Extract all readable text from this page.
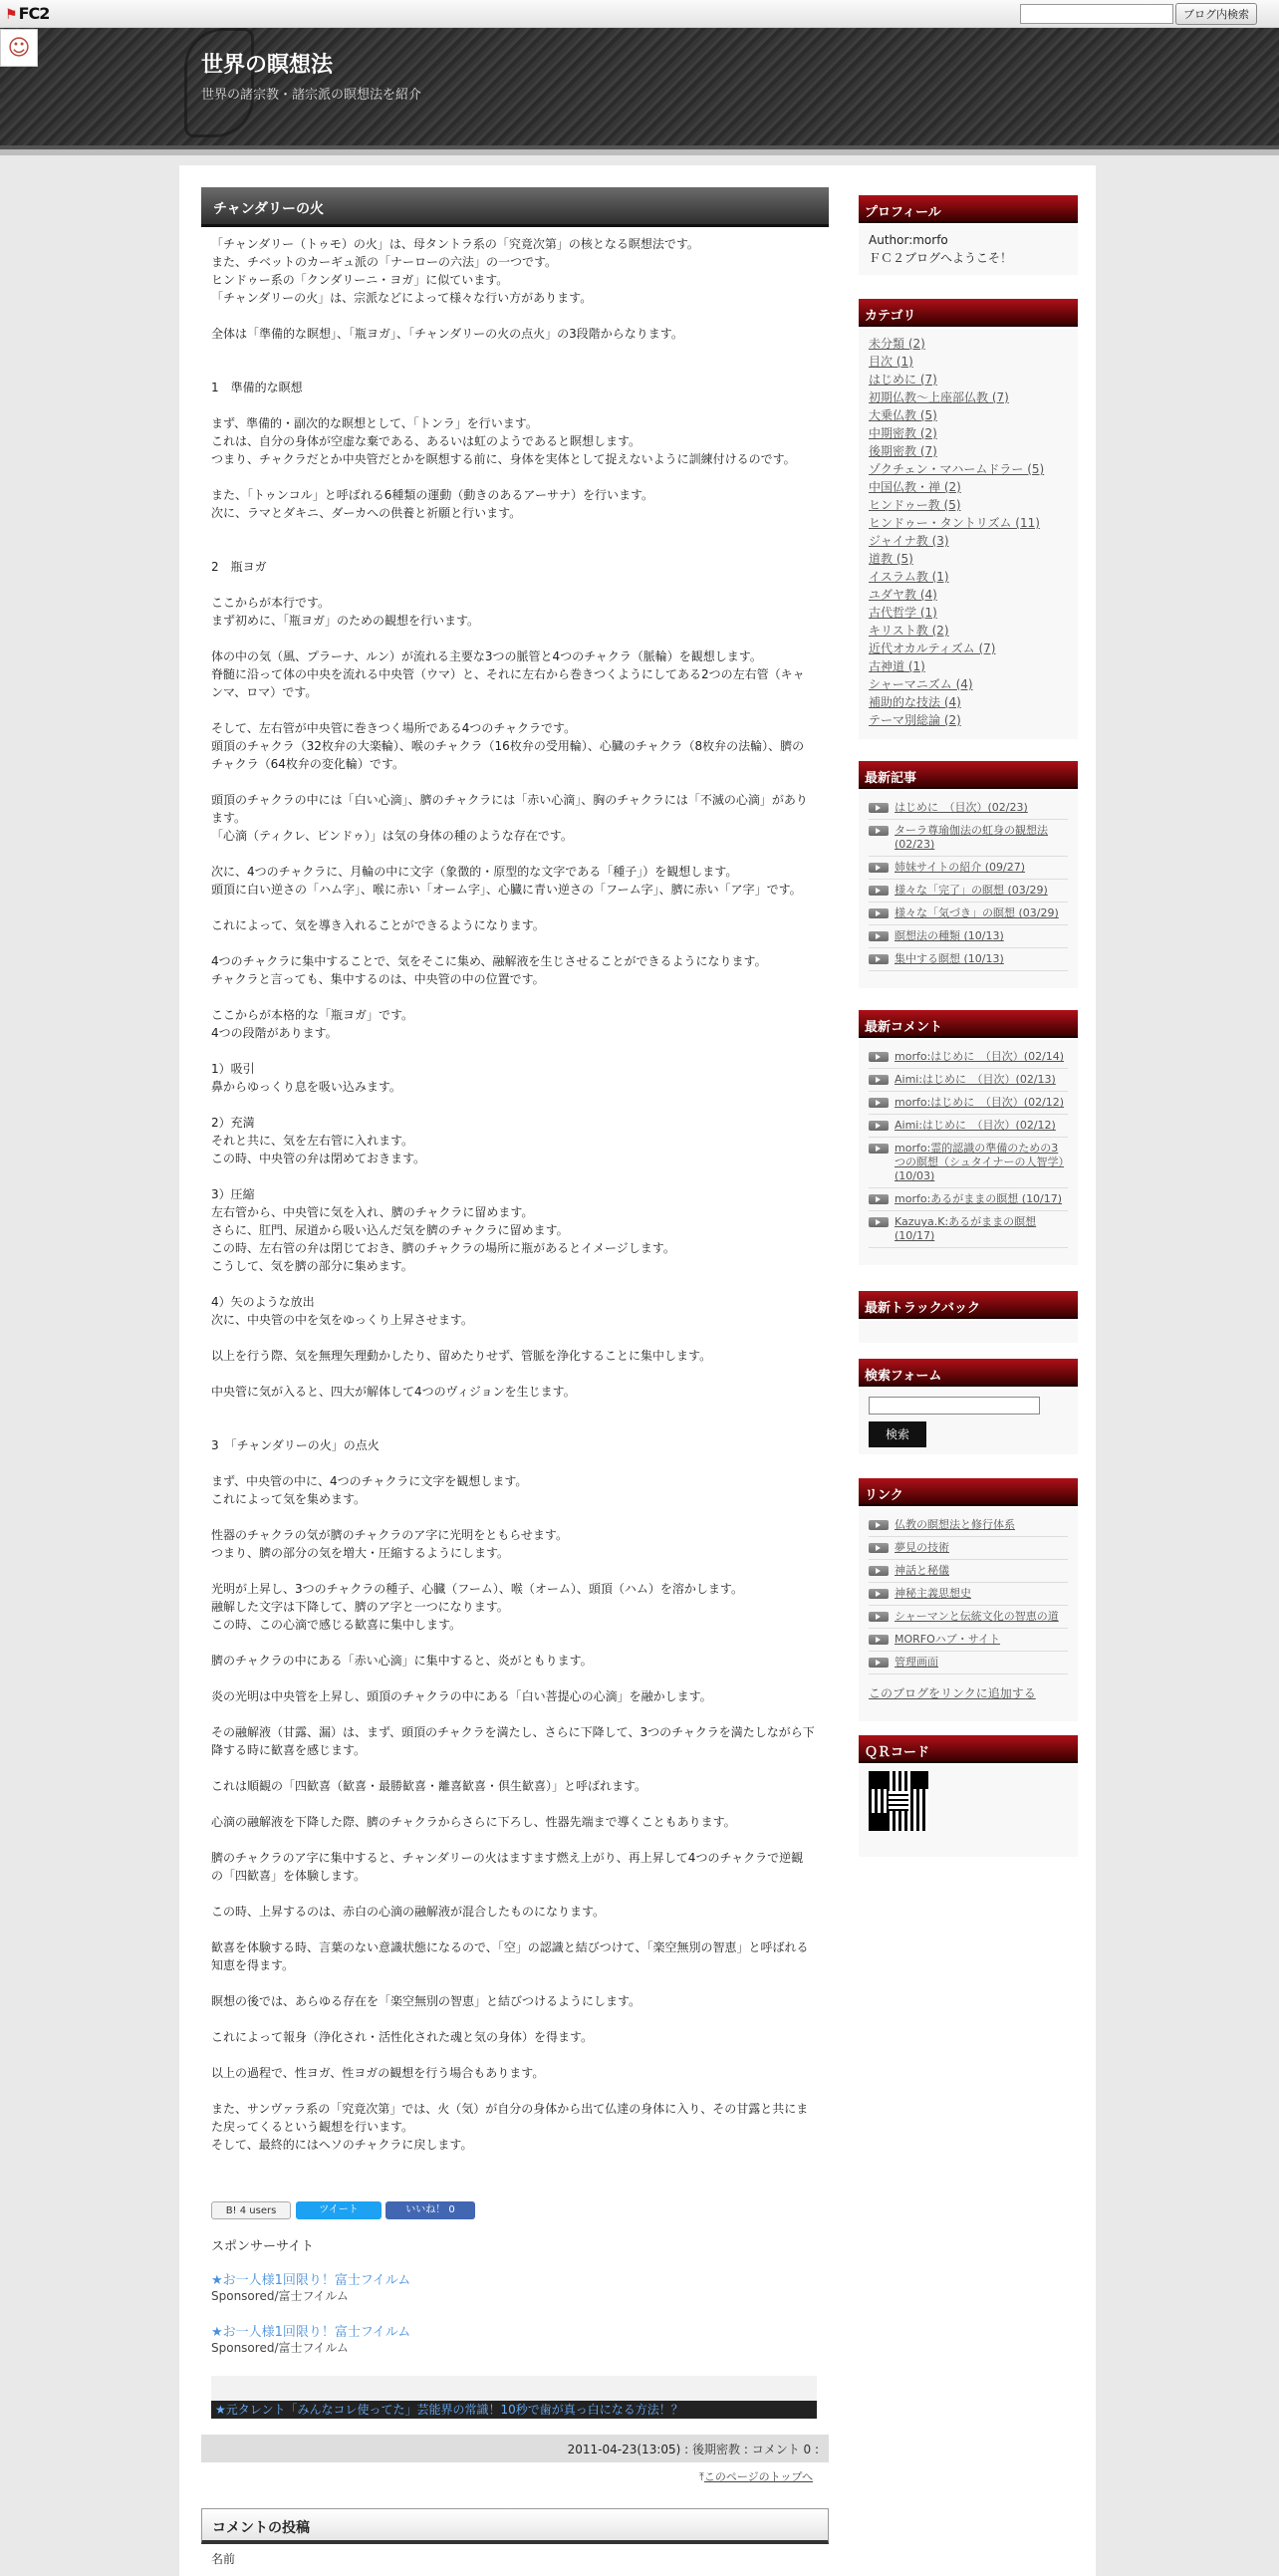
⚑ FC2	ブログ内検索
☺
世界の瞑想法
世界の諸宗教・諸宗派の瞑想法を紹介
チャンダリーの火

「チャンダリー（トゥモ）の火」は、母タントラ系の「究竟次第」の核となる瞑想法です。
また、チベットのカーギュ派の「ナーローの六法」の一つです。
ヒンドゥー系の「クンダリーニ・ヨガ」に似ています。
「チャンダリーの火」は、宗派などによって様々な行い方があります。

全体は「準備的な瞑想」、「瓶ヨガ」、「チャンダリーの火の点火」の3段階からなります。

1　準備的な瞑想

まず、準備的・副次的な瞑想として、「トンラ」を行います。
これは、自分の身体が空虚な棄である、あるいは虹のようであると瞑想します。
つまり、チャクラだとか中央管だとかを瞑想する前に、身体を実体として捉えないように訓練付けるのです。

また、「トゥンコル」と呼ばれる6種類の運動（動きのあるアーサナ）を行います。
次に、ラマとダキニ、ダーカへの供養と祈願と行います。

2　瓶ヨガ

ここからが本行です。
まず初めに、「瓶ヨガ」のための観想を行います。

体の中の気（風、プラーナ、ルン）が流れる主要な3つの脈管と4つのチャクラ（脈輪）を観想します。
脊髄に沿って体の中央を流れる中央管（ウマ）と、それに左右から巻きつくようにしてある2つの左右管（キャンマ、ロマ）です。

そして、左右管が中央管に巻きつく場所である4つのチャクラです。
頭頂のチャクラ（32枚弁の大楽輪）、喉のチャクラ（16枚弁の受用輪）、心臓のチャクラ（8枚弁の法輪）、臍のチャクラ（64枚弁の変化輪）です。

頭頂のチャクラの中には「白い心滴」、臍のチャクラには「赤い心滴」、胸のチャクラには「不滅の心滴」があります。
「心滴（ティクレ、ビンドゥ）」は気の身体の種のような存在です。

次に、4つのチャクラに、月輪の中に文字（象徴的・原型的な文字である「種子」）を観想します。
頭頂に白い逆さの「ハム字」、喉に赤い「オーム字」、心臓に青い逆さの「フーム字」、臍に赤い「ア字」です。

これによって、気を導き入れることができるようになります。

4つのチャクラに集中することで、気をそこに集め、融解液を生じさせることができるようになります。
チャクラと言っても、集中するのは、中央管の中の位置です。

ここからが本格的な「瓶ヨガ」です。
4つの段階があります。

1）吸引
鼻からゆっくり息を吸い込みます。

2）充満
それと共に、気を左右管に入れます。
この時、中央管の弁は閉めておきます。

3）圧縮
左右管から、中央管に気を入れ、臍のチャクラに留めます。
さらに、肛門、尿道から吸い込んだ気を臍のチャクラに留めます。
この時、左右管の弁は閉じておき、臍のチャクラの場所に瓶があるとイメージします。
こうして、気を臍の部分に集めます。

4）矢のような放出
次に、中央管の中を気をゆっくり上昇させます。

以上を行う際、気を無理矢理動かしたり、留めたりせず、管脈を浄化することに集中します。

中央管に気が入ると、四大が解体して4つのヴィジョンを生じます。

3　「チャンダリーの火」の点火

まず、中央管の中に、4つのチャクラに文字を観想します。
これによって気を集めます。

性器のチャクラの気が臍のチャクラのア字に光明をともらせます。
つまり、臍の部分の気を増大・圧縮するようにします。

光明が上昇し、3つのチャクラの種子、心臓（フーム）、喉（オーム）、頭頂（ハム）を溶かします。
融解した文字は下降して、臍のア字と一つになります。
この時、この心滴で感じる歓喜に集中します。

臍のチャクラの中にある「赤い心滴」に集中すると、炎がともります。

炎の光明は中央管を上昇し、頭頂のチャクラの中にある「白い菩提心の心滴」を融かします。

その融解液（甘露、漏）は、まず、頭頂のチャクラを満たし、さらに下降して、3つのチャクラを満たしながら下降する時に歓喜を感じます。

これは順観の「四歓喜（歓喜・最勝歓喜・離喜歓喜・倶生歓喜）」と呼ばれます。

心滴の融解液を下降した際、臍のチャクラからさらに下ろし、性器先端まで導くこともあります。

臍のチャクラのア字に集中すると、チャンダリーの火はますます燃え上がり、再上昇して4つのチャクラで逆観の「四歓喜」を体験します。

この時、上昇するのは、赤白の心滴の融解液が混合したものになります。

歓喜を体験する時、言葉のない意識状態になるので、「空」の認識と結びつけて、「楽空無別の智恵」と呼ばれる知恵を得ます。

瞑想の後では、あらゆる存在を「楽空無別の智恵」と結びつけるようにします。

これによって報身（浄化され・活性化された魂と気の身体）を得ます。

以上の過程で、性ヨガ、性ヨガの観想を行う場合もあります。

また、サンヴァラ系の「究竟次第」では、火（気）が自分の身体から出て仏達の身体に入り、その甘露と共にまた戻ってくるという観想を行います。
そして、最終的にはヘソのチャクラに戻します。

B! 4 users	ツイート	いいね！ 0
スポンサーサイト
★お一人様1回限り！富士フイルム
Sponsored/富士フイルム
★お一人様1回限り！富士フイルム
Sponsored/富士フイルム
★元タレント「みんなコレ使ってた」芸能界の常識！10秒で歯が真っ白になる方法！？
2011-04-23(13:05) : 後期密教 : コメント 0 :
⤒このページのトップへ
コメントの投稿
名前
プロフィール
Author:morfo
ＦＣ２ブログへようこそ！
カテゴリ
未分類 (2)
目次 (1)
はじめに (7)
初期仏教～上座部仏教 (7)
大乗仏教 (5)
中期密教 (2)
後期密教 (7)
ゾクチェン・マハームドラー (5)
中国仏教・禅 (2)
ヒンドゥー教 (5)
ヒンドゥー・タントリズム (11)
ジャイナ教 (3)
道教 (5)
イスラム教 (1)
ユダヤ教 (4)
古代哲学 (1)
キリスト教 (2)
近代オカルティズム (7)
古神道 (1)
シャーマニズム (4)
補助的な技法 (4)
テーマ別総論 (2)
最新記事
はじめに　（目次）(02/23)
ターラ尊瑜伽法の虹身の観想法(02/23)
姉妹サイトの紹介 (09/27)
様々な「完了」の瞑想 (03/29)
様々な「気づき」の瞑想 (03/29)
瞑想法の種類 (10/13)
集中する瞑想 (10/13)
最新コメント
morfo:はじめに　（目次）(02/14)
Aimi:はじめに　（目次）(02/13)
morfo:はじめに　（目次）(02/12)
Aimi:はじめに　（目次）(02/12)
morfo:霊的認識の準備のための3つの瞑想（シュタイナーの人智学）(10/03)
morfo:あるがままの瞑想 (10/17)
Kazuya.K:あるがままの瞑想(10/17)
最新トラックバック
検索フォーム
検索
リンク
仏教の瞑想法と修行体系
夢見の技術
神話と秘儀
神秘主義思想史
シャーマンと伝統文化の智恵の道
MORFOハブ・サイト
管理画面
このブログをリンクに追加する
ＱＲコード
